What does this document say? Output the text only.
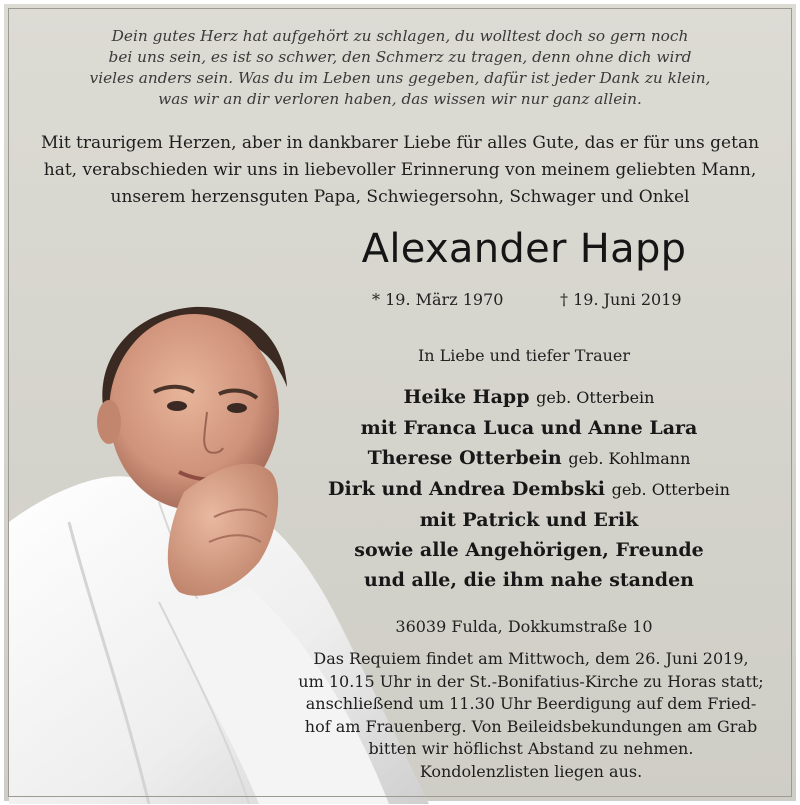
Dein gutes Herz hat aufgehört zu schlagen, du wolltest doch so gern noch
bei uns sein, es ist so schwer, den Schmerz zu tragen, denn ohne dich wird
vieles anders sein. Was du im Leben uns gegeben, dafür ist jeder Dank zu klein,
was wir an dir verloren haben, das wissen wir nur ganz allein.
Mit traurigem Herzen, aber in dankbarer Liebe für alles Gute, das er für uns getan
hat, verabschieden wir uns in liebevoller Erinnerung von meinem geliebten Mann,
unserem herzensguten Papa, Schwiegersohn, Schwager und Onkel
Alexander Happ
* 19. März 1970	† 19. Juni 2019
In Liebe und tiefer Trauer
Heike Happ geb. Otterbein
mit Franca Luca und Anne Lara
Therese Otterbein geb. Kohlmann
Dirk und Andrea Dembski geb. Otterbein
mit Patrick und Erik
sowie alle Angehörigen, Freunde
und alle, die ihm nahe standen
36039 Fulda, Dokkumstraße 10
Das Requiem findet am Mittwoch, dem 26. Juni 2019,
um 10.15 Uhr in der St.-Bonifatius-Kirche zu Horas statt;
anschließend um 11.30 Uhr Beerdigung auf dem Fried-
hof am Frauenberg. Von Beileidsbekundungen am Grab
bitten wir höflichst Abstand zu nehmen.
Kondolenzlisten liegen aus.
